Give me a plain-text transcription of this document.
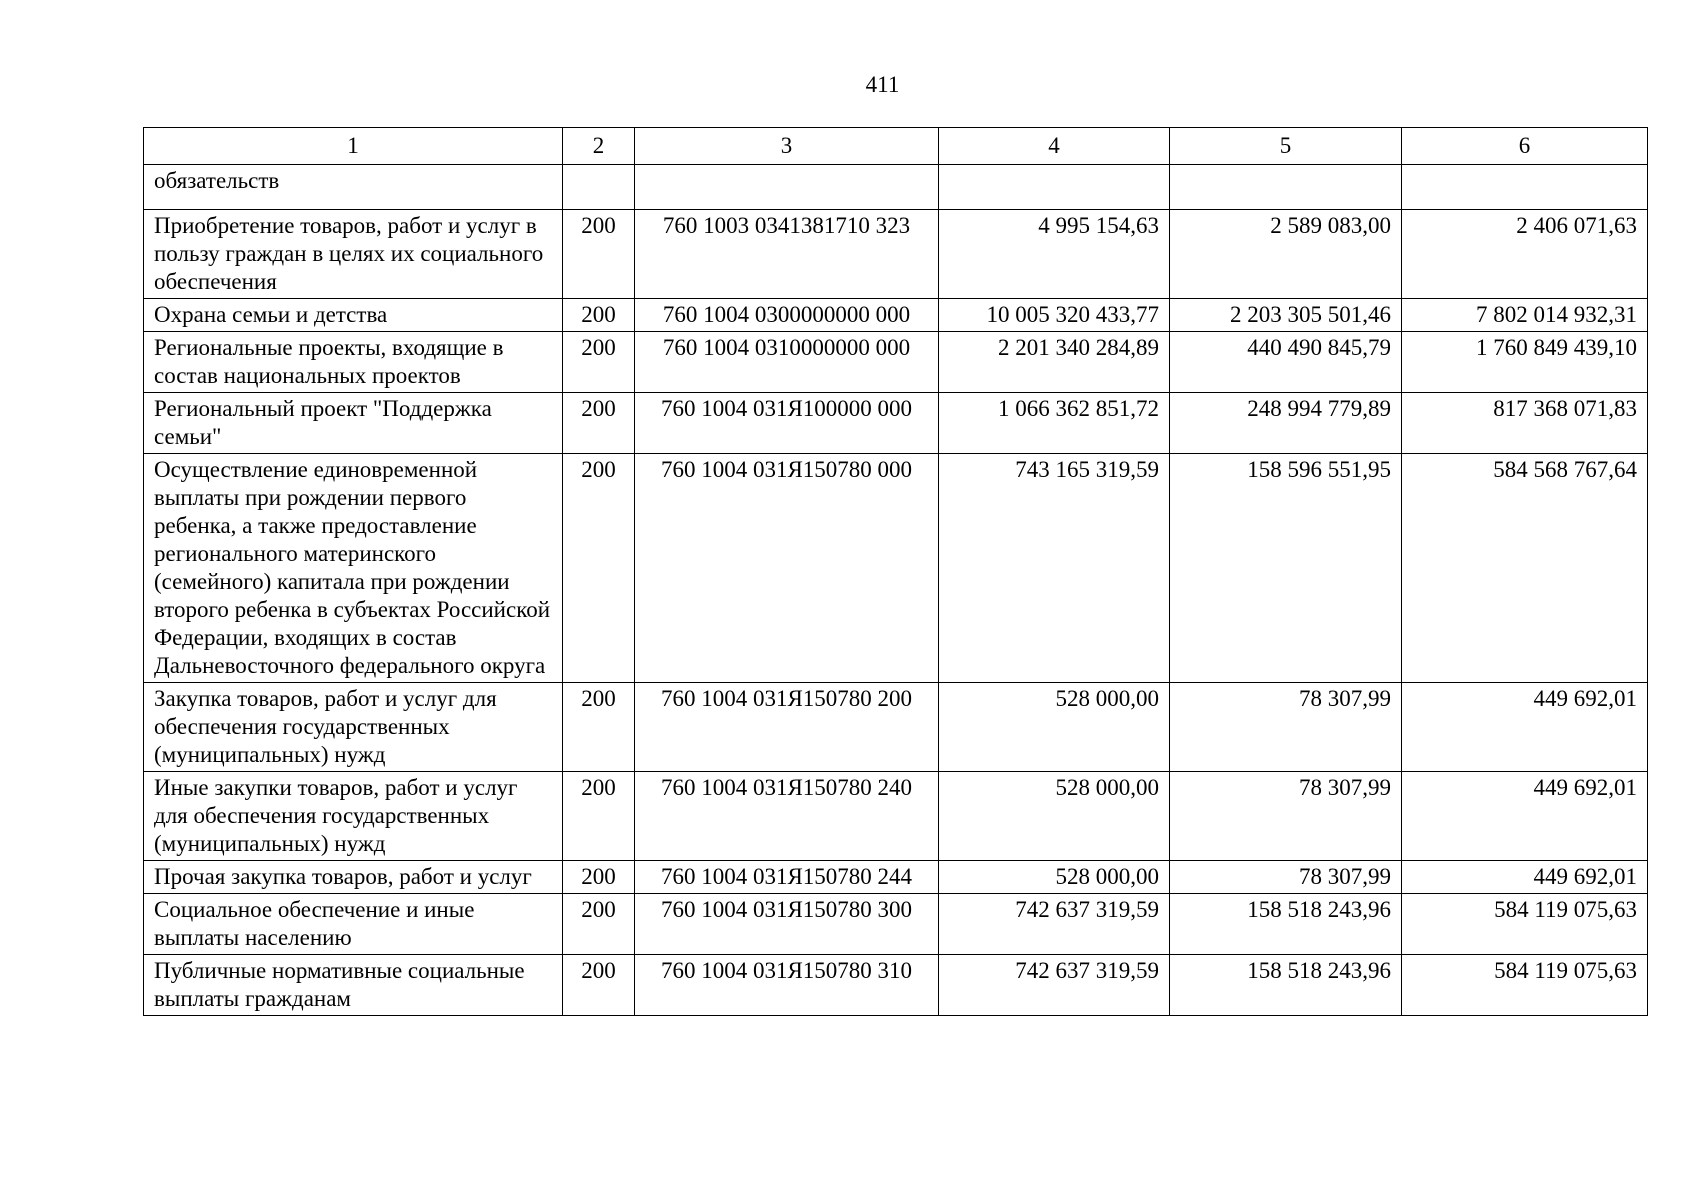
411
1	2	3	4	5	6
обязательств					
Приобретение товаров, работ и услуг в пользу граждан в целях их социального обеспечения	200	760 1003 0341381710 323	4 995 154,63	2 589 083,00	2 406 071,63
Охрана семьи и детства	200	760 1004 0300000000 000	10 005 320 433,77	2 203 305 501,46	7 802 014 932,31
Региональные проекты, входящие в состав национальных проектов	200	760 1004 0310000000 000	2 201 340 284,89	440 490 845,79	1 760 849 439,10
Региональный проект "Поддержка семьи"	200	760 1004 031Я100000 000	1 066 362 851,72	248 994 779,89	817 368 071,83
Осуществление единовременной выплаты при рождении первого ребенка, а также предоставление регионального материнского (семейного) капитала при рождении второго ребенка в субъектах Российской Федерации, входящих в состав Дальневосточного федерального округа	200	760 1004 031Я150780 000	743 165 319,59	158 596 551,95	584 568 767,64
Закупка товаров, работ и услуг для обеспечения государственных (муниципальных) нужд	200	760 1004 031Я150780 200	528 000,00	78 307,99	449 692,01
Иные закупки товаров, работ и услуг для обеспечения государственных (муниципальных) нужд	200	760 1004 031Я150780 240	528 000,00	78 307,99	449 692,01
Прочая закупка товаров, работ и услуг	200	760 1004 031Я150780 244	528 000,00	78 307,99	449 692,01
Социальное обеспечение и иные выплаты населению	200	760 1004 031Я150780 300	742 637 319,59	158 518 243,96	584 119 075,63
Публичные нормативные социальные выплаты гражданам	200	760 1004 031Я150780 310	742 637 319,59	158 518 243,96	584 119 075,63
